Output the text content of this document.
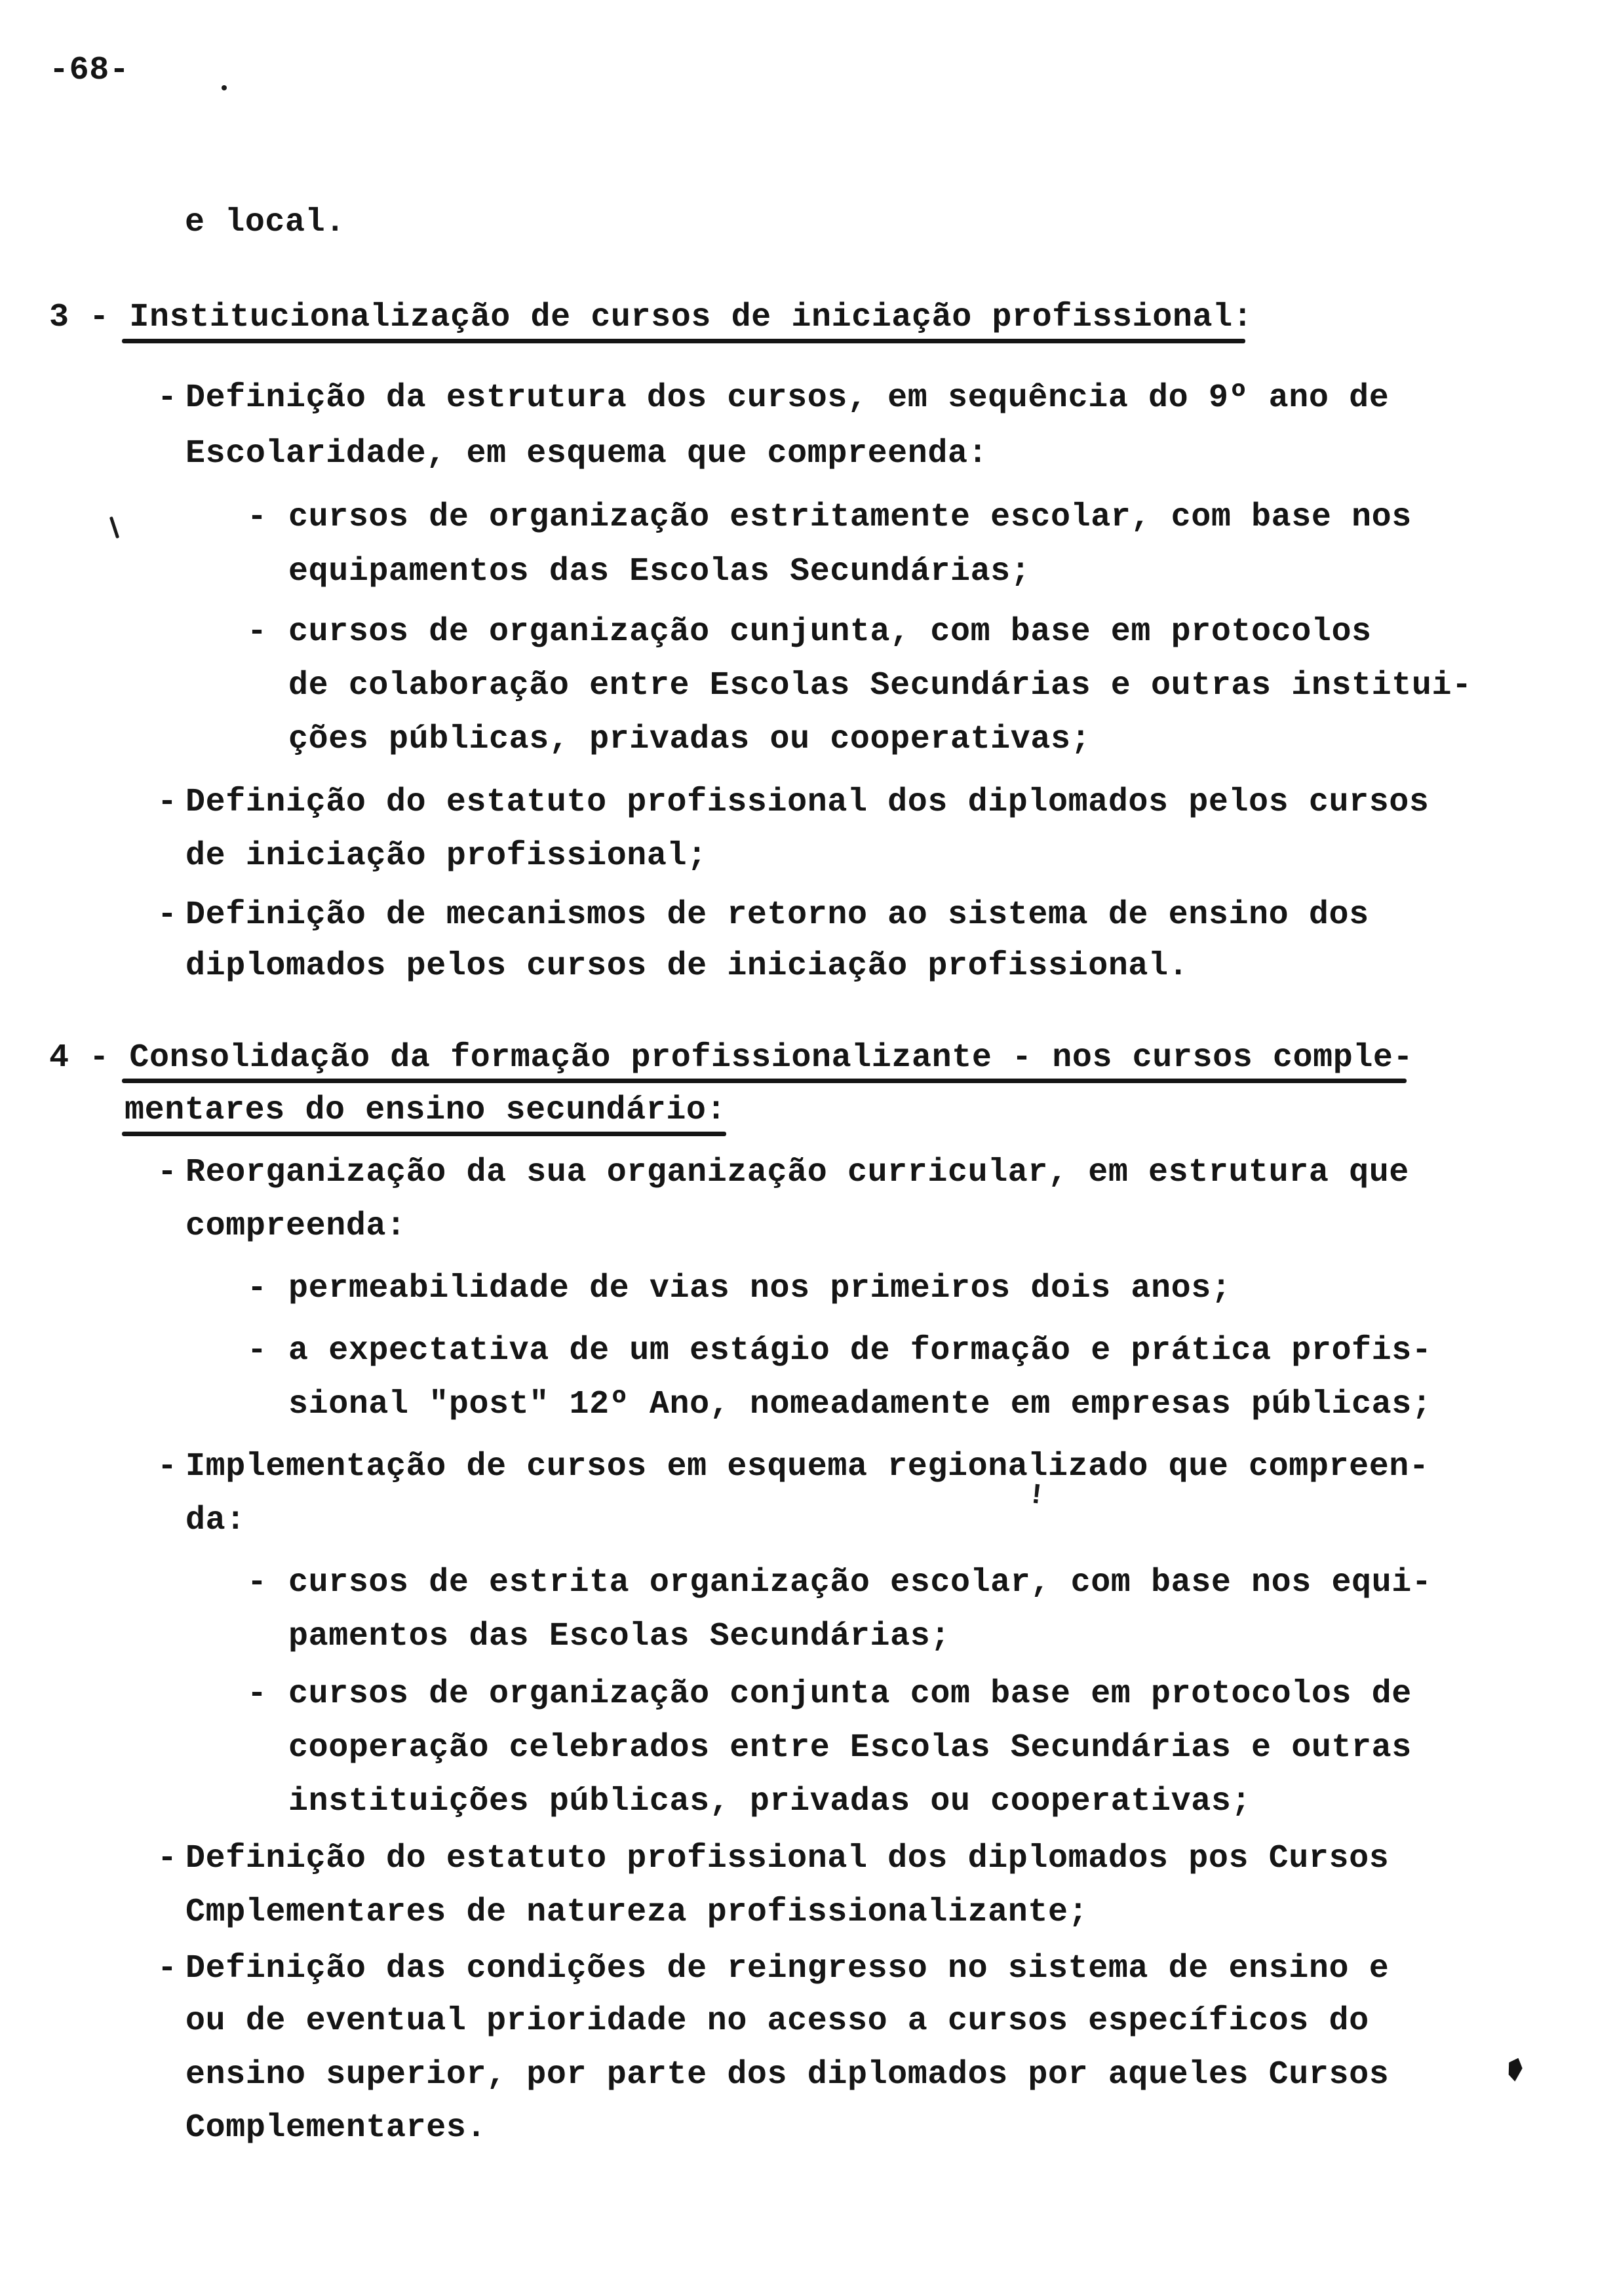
-68-
e local.
3 - Institucionalização de cursos de iniciação profissional:
- Definição da estrutura dos cursos, em sequência do 9º ano de
Escolaridade, em esquema que compreenda:
- cursos de organização estritamente escolar, com base nos
equipamentos das Escolas Secundárias;
- cursos de organização cunjunta, com base em protocolos
de colaboração entre Escolas Secundárias e outras institui-
ções públicas, privadas ou cooperativas;
- Definição do estatuto profissional dos diplomados pelos cursos
de iniciação profissional;
- Definição de mecanismos de retorno ao sistema de ensino dos
diplomados pelos cursos de iniciação profissional.
4 - Consolidação da formação profissionalizante - nos cursos comple-
mentares do ensino secundário:
- Reorganização da sua organização curricular, em estrutura que
compreenda:
- permeabilidade de vias nos primeiros dois anos;
- a expectativa de um estágio de formação e prática profis-
sional "post" 12º Ano, nomeadamente em empresas públicas;
- Implementação de cursos em esquema regionalizado que compreen-
da:
- cursos de estrita organização escolar, com base nos equi-
pamentos das Escolas Secundárias;
- cursos de organização conjunta com base em protocolos de
cooperação celebrados entre Escolas Secundárias e outras
instituições públicas, privadas ou cooperativas;
- Definição do estatuto profissional dos diplomados pos Cursos
Cmplementares de natureza profissionalizante;
- Definição das condições de reingresso no sistema de ensino e
ou de eventual prioridade no acesso a cursos específicos do
ensino superior, por parte dos diplomados por aqueles Cursos
Complementares.
!
